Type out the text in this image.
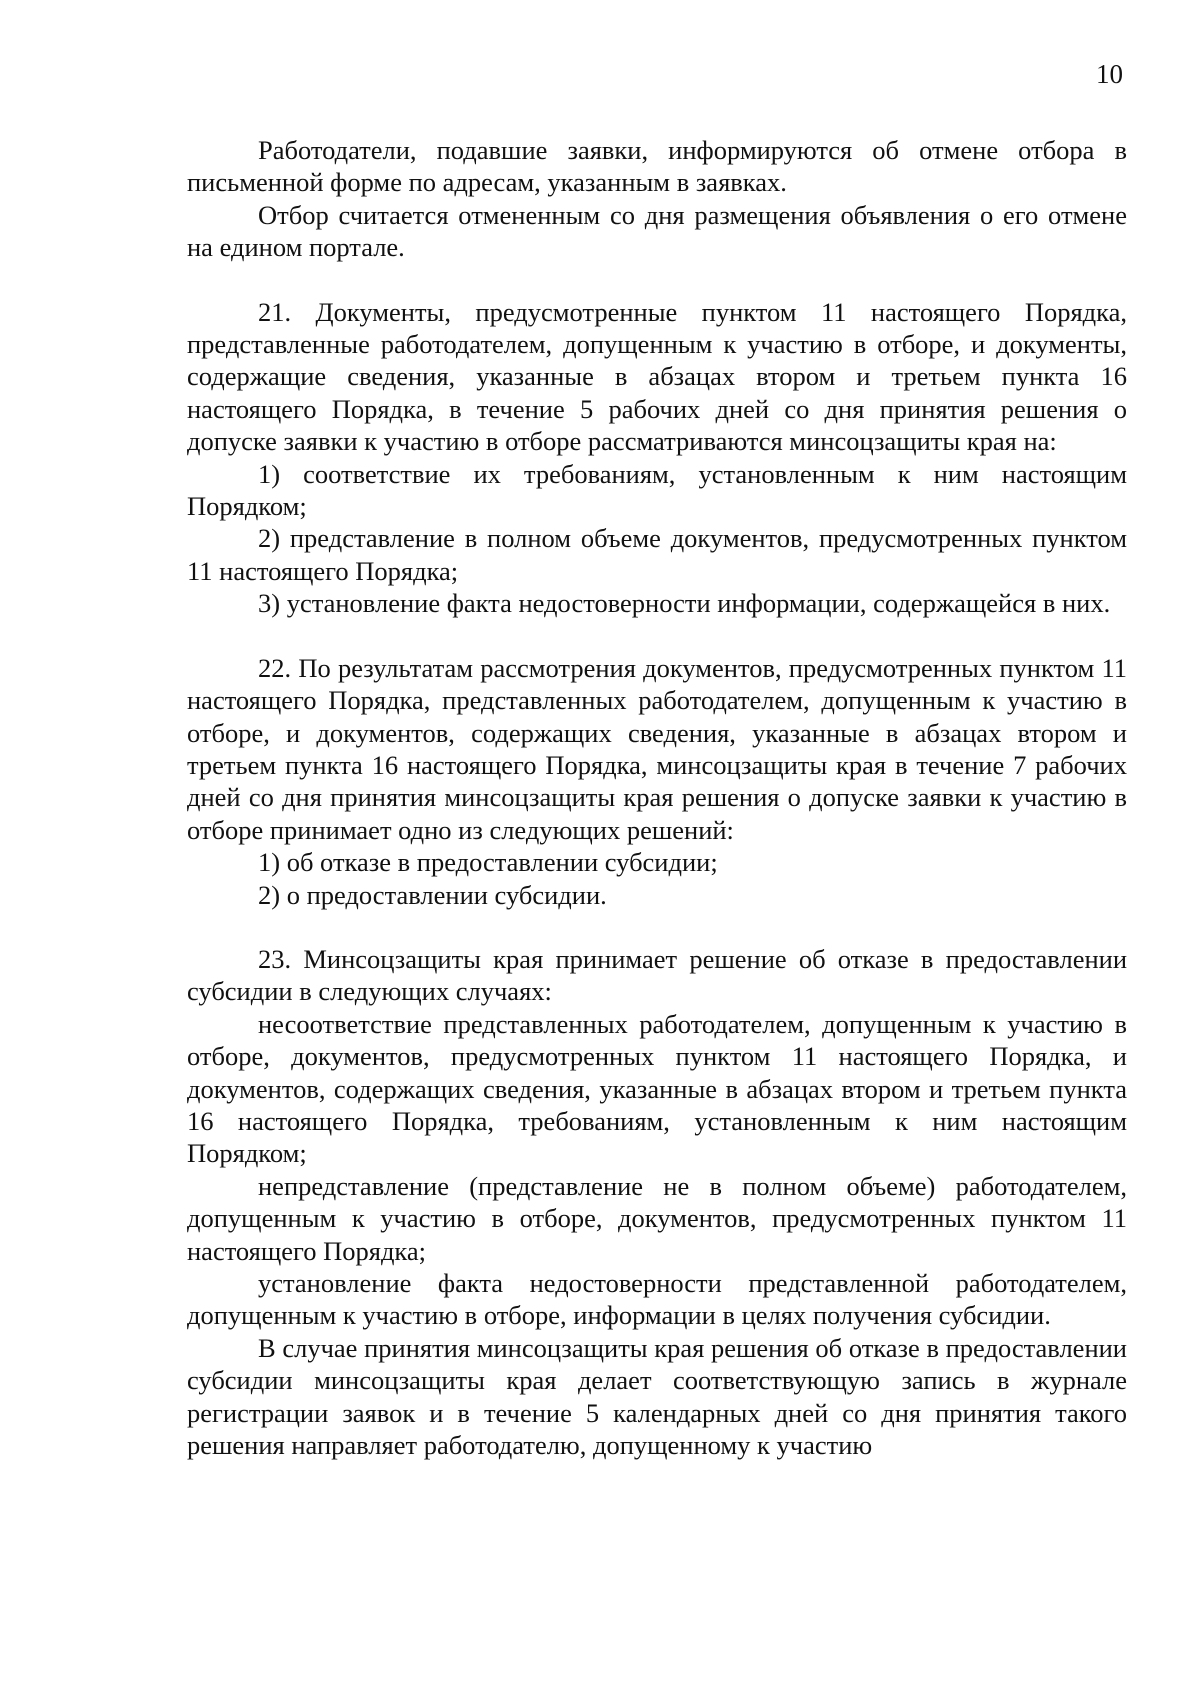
10

Работодатели, подавшие заявки, информируются об отмене отбора в письменной форме по адресам, указанным в заявках.

Отбор считается отмененным со дня размещения объявления о его отмене на едином портале.

21. Документы, предусмотренные пунктом 11 настоящего Порядка, представленные работодателем, допущенным к участию в отборе, и документы, содержащие сведения, указанные в абзацах втором и третьем пункта 16 настоящего Порядка, в течение 5 рабочих дней со дня принятия решения о допуске заявки к участию в отборе рассматриваются минсоцзащиты края на:

1) соответствие их требованиям, установленным к ним настоящим Порядком;

2) представление в полном объеме документов, предусмотренных пунктом 11 настоящего Порядка;

3) установление факта недостоверности информации, содержащейся в них.

22. По результатам рассмотрения документов, предусмотренных пунктом 11 настоящего Порядка, представленных работодателем, допущенным к участию в отборе, и документов, содержащих сведения, указанные в абзацах втором и третьем пункта 16 настоящего Порядка, минсоцзащиты края в течение 7 рабочих дней со дня принятия минсоцзащиты края решения о допуске заявки к участию в отборе принимает одно из следующих решений:

1) об отказе в предоставлении субсидии;

2) о предоставлении субсидии.

23. Минсоцзащиты края принимает решение об отказе в предоставлении субсидии в следующих случаях:

несоответствие представленных работодателем, допущенным к участию в отборе, документов, предусмотренных пунктом 11 настоящего Порядка, и документов, содержащих сведения, указанные в абзацах втором и третьем пункта 16 настоящего Порядка, требованиям, установленным к ним настоящим Порядком;

непредставление (представление не в полном объеме) работодателем, допущенным к участию в отборе, документов, предусмотренных пунктом 11 настоящего Порядка;

установление факта недостоверности представленной работодателем, допущенным к участию в отборе, информации в целях получения субсидии.

В случае принятия минсоцзащиты края решения об отказе в предоставлении субсидии минсоцзащиты края делает соответствующую запись в журнале регистрации заявок и в течение 5 календарных дней со дня принятия такого решения направляет работодателю, допущенному к участию
